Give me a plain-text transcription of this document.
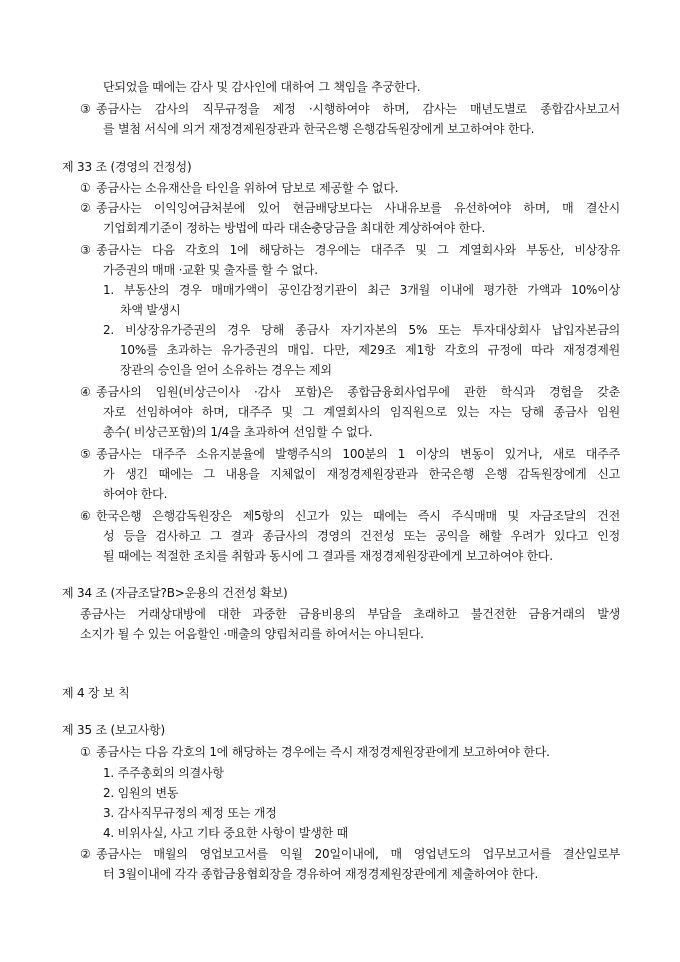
단되었을 때에는 감사 및 감사인에 대하여 그 책임을 추궁한다.
③ 종금사는 감사의 직무규정을 제정 ·시행하여야 하며, 감사는 매년도별로 종합감사보고서
를 별첨 서식에 의거 재정경제원장관과 한국은행 은행감독원장에게 보고하여야 한다.
제 33 조 (경영의 건정성)
① 종금사는 소유재산을 타인을 위하여 담보로 제공할 수 없다.
② 종금사는 이익잉여금처분에 있어 현금배당보다는 사내유보를 유선하여야 하며, 매 결산시
기업회계기준이 정하는 방법에 따라 대손충당금을 최대한 계상하여야 한다.
③ 종금사는 다음 각호의 1에 해당하는 경우에는 대주주 및 그 계열회사와 부동산, 비상장유
가증권의 매매 ·교환 및 출자를 할 수 없다.
1. 부동산의 경우 매매가액이 공인감정기관이 최근 3개월 이내에 평가한 가액과 10%이상
차액 발생시
2. 비상장유가증권의 경우 당해 종금사 자기자본의 5% 또는 투자대상회사 납입자본금의
10%를 초과하는 유가증권의 매입. 다만, 제29조 제1항 각호의 규정에 따라 재정경제원
장관의 승인을 얻어 소유하는 경우는 제외
④ 종금사의 임원(비상근이사 ·감사 포함)은 종합금융회사업무에 관한 학식과 경험을 갖춘
자로 선임하여야 하며, 대주주 및 그 계열회사의 임직원으로 있는 자는 당해 종금사 임원
총수( 비상근포함)의 1/4을 초과하여 선임할 수 없다.
⑤ 종금사는 대주주 소유지분율에 발행주식의 100분의 1 이상의 변동이 있거나, 새로 대주주
가 생긴 때에는 그 내용을 지체없이 재정경제원장관과 한국은행 은행 감독원장에게 신고
하여야 한다.
⑥ 한국은행 은행감독원장은 제5항의 신고가 있는 때에는 즉시 주식매매 및 자금조달의 건전
성 등을 검사하고 그 결과 종금사의 경영의 건전성 또는 공익을 해할 우려가 있다고 인정
될 때에는 적절한 조치를 취함과 동시에 그 결과를 재정경제원장관에게 보고하여야 한다.
제 34 조 (자금조달?B>운용의 건전성 확보)
종금사는 거래상대방에 대한 과중한 금융비용의 부담을 초래하고 불건전한 금융거래의 발생
소지가 될 수 있는 어음할인 ·매출의 양립처리를 하여서는 아니된다.
제 4 장 보 칙
제 35 조 (보고사항)
① 종금사는 다음 각호의 1에 해당하는 경우에는 즉시 재정경제원장관에게 보고하여야 한다.
1. 주주총회의 의결사항
2. 임원의 변동
3. 감사직무규정의 제정 또는 개정
4. 비위사실, 사고 기타 중요한 사항이 발생한 때
② 종금사는 매월의 영업보고서를 익월 20일이내에, 매 영업년도의 업무보고서를 결산일로부
터 3월이내에 각각 종합금융협회장을 경유하여 재정경제원장관에게 제출하여야 한다.
